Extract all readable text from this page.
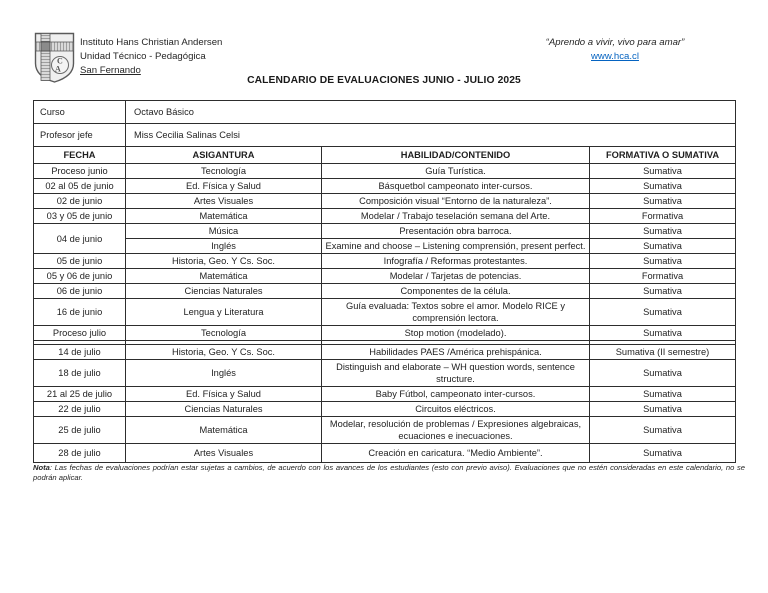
C
A
Instituto Hans Christian Andersen
Unidad Técnico - Pedagógica
San Fernando
“Aprendo a vivir, vivo para amar”
www.hca.cl
CALENDARIO DE EVALUACIONES JUNIO - JULIO 2025
Curso	Octavo Básico		
Profesor jefe	Miss Cecilia Salinas Celsi		
FECHA	ASIGANTURA	HABILIDAD/CONTENIDO	FORMATIVA O SUMATIVA
Proceso junio	Tecnología	Guía Turística.	Sumativa
02 al 05 de junio	Ed. Física y Salud	Básquetbol campeonato inter-cursos.	Sumativa
02 de junio	Artes Visuales	Composición visual “Entorno de la naturaleza”.	Sumativa
03 y 05 de junio	Matemática	Modelar / Trabajo teselación semana del Arte.	Formativa
04 de junio	Música	Presentación obra barroca.	Sumativa
	Inglés	Examine and choose – Listening comprensión, present perfect.	Sumativa
05 de junio	Historia, Geo. Y Cs. Soc.	Infografía / Reformas protestantes.	Sumativa
05 y 06 de junio	Matemática	Modelar / Tarjetas de potencias.	Formativa
06 de junio	Ciencias Naturales	Componentes de la célula.	Sumativa
16 de junio	Lengua y Literatura	Guía evaluada: Textos sobre el amor. Modelo RICE y comprensión lectora.	Sumativa
Proceso julio	Tecnología	Stop motion (modelado).	Sumativa

14 de julio	Historia, Geo. Y Cs. Soc.	Habilidades PAES /América prehispánica.	Sumativa (II semestre)
18 de julio	Inglés	Distinguish and elaborate – WH question words, sentence structure.	Sumativa
21 al 25 de julio	Ed. Física y Salud	Baby Fútbol, campeonato inter-cursos.	Sumativa
22 de julio	Ciencias Naturales	Circuitos eléctricos.	Sumativa
25 de julio	Matemática	Modelar, resolución de problemas / Expresiones algebraicas, ecuaciones e inecuaciones.	Sumativa
28 de julio	Artes Visuales	Creación en caricatura. “Medio Ambiente”.	Sumativa
Nota: Las fechas de evaluaciones podrían estar sujetas a cambios, de acuerdo con los avances de los estudiantes (esto con previo aviso). Evaluaciones que no estén consideradas en este calendario, no se podrán aplicar.
